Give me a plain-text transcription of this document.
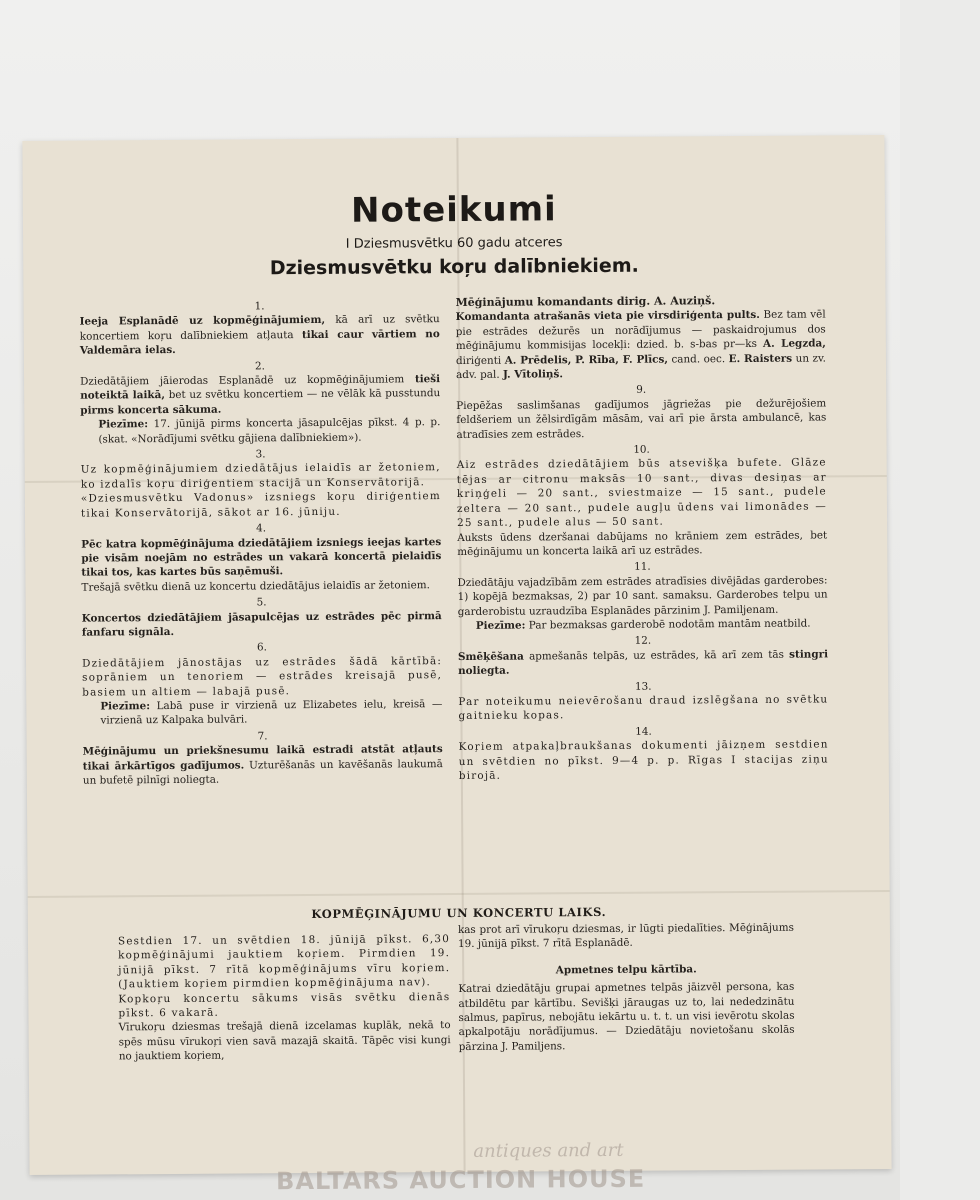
Noteikumi
I Dziesmusvētku 60 gadu atceres
Dziesmusvētku koŗu dalībniekiem.
1.
Ieeja Esplanādē uz kopmēģinājumiem, kā arī uz svētku koncertiem koŗu dalībniekiem atļauta tikai caur vārtiem no Valdemāra ielas.
2.
Dziedātājiem jāierodas Esplanādē uz kopmēģinājumiem tieši noteiktā laikā, bet uz svētku koncertiem — ne vēlāk kā pusstundu pirms koncerta sākuma.
Piezīme: 17. jūnijā pirms koncerta jāsapulcējas pīkst. 4 p. p. (skat. «Norādījumi svētku gājiena dalībniekiem»).
3.
Uz kopmēģinājumiem dziedātājus ielaidīs ar žetoniem, ko izdalīs koŗu diriģentiem stacijā un Konservātorijā.
«Dziesmusvētku Vadonus» izsniegs koŗu diriģentiem tikai Konservātorijā, sākot ar 16. jūniju.
4.
Pēc katra kopmēģinājuma dziedātājiem izsniegs ieejas kartes pie visām noejām no estrādes un vakarā koncertā pielaidīs tikai tos, kas kartes būs saņēmuši.
Trešajā svētku dienā uz koncertu dziedātājus ielaidīs ar žetoniem.
5.
Koncertos dziedātājiem jāsapulcējas uz estrādes pēc pirmā fanfaru signāla.
6.
Dziedātājiem jānostājas uz estrādes šādā kārtībā: soprāniem un tenoriem — estrādes kreisajā pusē, basiem un altiem — labajā pusē.
Piezīme: Labā puse ir virzienā uz Elizabetes ielu, kreisā — virzienā uz Kalpaka bulvāri.
7.
Mēģinājumu un priekšnesumu laikā estradi atstāt atļauts tikai ārkārtīgos gadījumos. Uzturēšanās un kavēšanās laukumā un bufetē pilnīgi noliegta.
Mēģinājumu komandants dirig. A. Auziņš.
Komandanta atrašanās vieta pie virsdiriģenta pults. Bez tam vēl pie estrādes dežurēs un norādījumus — paskaidrojumus dos mēģinājumu kommisijas locekļi: dzied. b. s-bas pr—ks A. Legzda, diriģenti A. Prēdelis, P. Rība, F. Plīcs, cand. oec. E. Raisters un zv. adv. pal. J. Vītoliņš.
9.
Piepēžas saslimšanas gadījumos jāgriežas pie dežurējošiem feldšeriem un žēlsirdīgām māsām, vai arī pie ārsta ambulancē, kas atradīsies zem estrādes.
10.
Aiz estrādes dziedātājiem būs atsevišķa bufete. Glāze tējas ar citronu maksās 10 sant., divas desiņas ar kriņģeli — 20 sant., sviestmaize — 15 sant., pudele zeltera — 20 sant., pudele augļu ūdens vai limonādes — 25 sant., pudele alus — 50 sant.
Auksts ūdens dzeršanai dabūjams no krāniem zem estrādes, bet mēģinājumu un koncerta laikā arī uz estrādes.
11.
Dziedātāju vajadzībām zem estrādes atradīsies divējādas garderobes: 1) kopējā bezmaksas, 2) par 10 sant. samaksu. Garderobes telpu un garderobistu uzraudzība Esplanādes pārzinim J. Pamiljenam.
Piezīme: Par bezmaksas garderobē nodotām mantām neatbild.
12.
Smēķēšana apmešanās telpās, uz estrādes, kā arī zem tās stingri noliegta.
13.
Par noteikumu neievērošanu draud izslēgšana no svētku gaitnieku kopas.
14.
Koŗiem atpakaļbraukšanas dokumenti jāizņem sestdien un svētdien no pīkst. 9—4 p. p. Rīgas I stacijas ziņu birojā.
KOPMĒĢINĀJUMU UN KONCERTU LAIKS.
Sestdien 17. un svētdien 18. jūnijā pīkst. 6,30 kopmēģinājumi jauktiem koŗiem. Pirmdien 19. jūnijā pīkst. 7 rītā kopmēģinājums vīru koŗiem. (Jauktiem koŗiem pirmdien kopmēģinājuma nav).
Kopkoŗu koncertu sākums visās svētku dienās pīkst. 6 vakarā.
Vīrukoŗu dziesmas trešajā dienā izcelamas kuplāk, nekā to spēs mūsu vīrukoŗi vien savā mazajā skaitā. Tāpēc visi kungi no jauktiem koŗiem,
kas prot arī vīrukoŗu dziesmas, ir lūgti piedalīties. Mēģinājums 19. jūnijā pīkst. 7 rītā Esplanādē.
Apmetnes telpu kārtība.
Katrai dziedātāju grupai apmetnes telpās jāizvēl persona, kas atbildētu par kārtību. Sevišķi jāraugas uz to, lai nededzinātu salmus, papīrus, nebojātu iekārtu u. t. t. un visi ievērotu skolas apkalpotāju norādījumus. — Dziedātāju novietošanu skolās pārzina J. Pamiljens.
antiques and art
BALTARS AUCTION HOUSE
